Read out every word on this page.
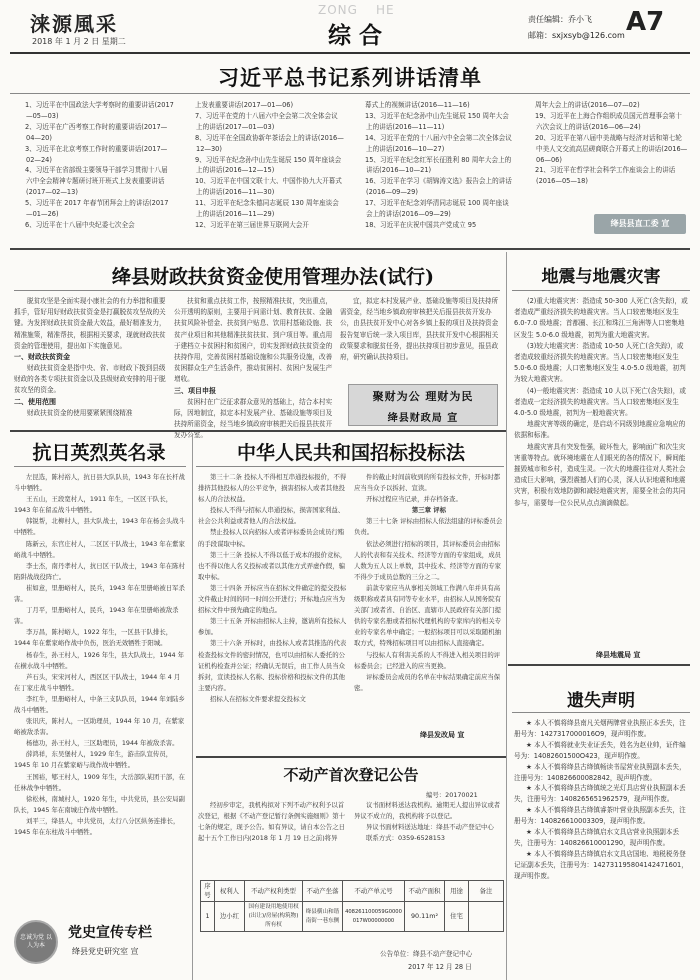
涞源風采
2018 年 1 月 2 日 星期二
ZONG HE
综 合
责任编辑：乔小飞
邮箱：sxjxsyb@126.com A7
习近平总书记系列讲话清单
1、习近平在中国政法大学考察时的重要讲话(2017—05—03)
2、习近平在广西考察工作时的重要讲话(2017—04—20)
3、习近平在北京考察工作时的重要讲话(2017—02—24)
4、习近平在省部级主要领导干部学习贯彻十八届六中全会精神专题研讨班开班式上发表重要讲话(2017—02—13)
5、习近平在 2017 年春节团拜会上的讲话(2017—01—26)
6、习近平在十八届中央纪委七次全会
上发表重要讲话(2017—01—06)
7、习近平在党的十八届六中全会第二次全体会议上的讲话(2017—01—03)
8、习近平在全国政协新年茶话会上的讲话(2016—12—30)
9、习近平在纪念孙中山先生诞辰 150 周年座谈会上的讲话(2016—12—15)
10、习近平在中国文联十大、中国作协九大开幕式上的讲话(2016—11—30)
11、习近平在纪念朱德同志诞辰 130 周年座谈会上的讲话(2016—11—29)
12、习近平在第三届世界互联网大会开
幕式上的视频讲话(2016—11—16)
13、习近平在纪念孙中山先生诞辰 150 周年大会上的讲话(2016—11—11)
14、习近平在党的十八届六中全会第二次全体会议上的讲话(2016—10—27)
15、习近平在纪念红军长征胜利 80 周年大会上的讲话(2016—10—21)
16、习近平在学习《胡锦涛文选》报告会上的讲话(2016—09—29)
17、习近平在纪念刘华清同志诞辰 100 周年座谈会上的讲话(2016—09—29)
18、习近平在庆祝中国共产党成立 95
周年大会上的讲话(2016—07—02)
19、习近平在上海合作组织成员国元首理事会第十六次会议上的讲话(2016—06—24)
20、习近平在第八届中美战略与经济对话和第七轮中美人文交流高层磋商联合开幕式上的讲话(2016—06—06)
21、习近平在哲学社会科学工作座谈会上的讲话(2016—05—18)
绛县县直工委 宣
绛县财政扶贫资金使用管理办法(试行)

脱贫攻坚是全面实现小康社会的有力举措和重要抓手，管好用好财政扶贫资金是打赢脱贫攻坚战的关键。为发挥财政扶贫资金最大效益，最好精准发力，精准施策，精准帮扶，根据相关要求，现就财政扶贫资金的管理使用，提出如下实施意见。

一、财政扶贫资金

财政扶贫资金是指中央、省、市财政下拨到县级财政的各类专项扶贫资金以及县级财政安排的用于脱贫攻坚的资金。

二、使用范围

财政扶贫资金的使用要紧紧围绕精准

扶贫和重点扶贫工作，按照精准扶贫，突出重点，公开透明的原则，主要用于问需计划、教育扶贫、金融扶贫风险补偿金、扶贫到户贴息、饮用村基础设施、扶贫产业项目和其他精准扶贫扶贫、到户项目等。重点用于建档立卡贫困村和贫困户，切实发挥财政扶贫资金的扶持作用，完善贫困村基础设施和公共服务设施，改善贫困群众生产生活条件，推动贫困村、贫困户发展生产增收。

三、项目申报

贫困村在广泛征求群众意见的基础上，结合本村实际，因地制宜，拟定本村发展产业、基础设施等项目及扶持所需资金，经当地乡镇政府审核把关后报县扶贫开发办公室。

宜，拟定本村发展产业、基础设施等项目及扶持所需资金，经当地乡镇政府审核把关后报县扶贫开发办公，由县扶贫开发中心对各乡镇上报的项目及扶持资金报告复审后统一录入项目库，县扶贫开发中心根据相关政策要求和脱贫任务，提出扶持项目初步意见，报县政府，研究确认扶持项目。

聚财为公 理财为民
绛县财政局 宣
地震与地震灾害

(2)重大地震灾害：指造成 50-300 人死亡(含失踪)，或者造成严重经济损失的地震灾害。当人口较密集地区发生 6.0-7.0 级地震；首都圈、长江和珠江三角洲等人口密集地区发生 5.0-6.0 级地震，初判为重大地震灾害。

(3)较大地震灾害：指造成 10-50 人死亡(含失踪)，或者造成较重经济损失的地震灾害。当人口较密集地区发生 5.0-6.0 级地震；人口密集地区发生 4.0-5.0 级地震，初判为较大地震灾害。

(4)一般地震灾害：指造成 10 人以下死亡(含失踪)，或者造成一定经济损失的地震灾害。当人口较密集地区发生 4.0-5.0 级地震，初判为一般地震灾害。

地震灾害等级的确定，是启动不同级别地震应急响应的依据和标准。

地震灾害具有突发性强，破坏性大，影响面广和次生灾害重等特点。就环境地震在人们眼光的各的情况下，瞬间能摧毁城市和乡村，造成生灵。一次大的地震往往对人类社会造成巨大影响，强烈震撼人们的心灵，深人认识地震和地震灾害，积极有效地防御和减轻地震灾害，需要全社会的共同参与，需要每一位公民从点点滴滴做起。

绛县地震局 宣
抗日英烈英名录
左昆选，陈村裕人，抗日县大队队员，1943 年在长杆战斗中牺牲。
王五山，王段宽村人，1911 年生，一区区干队长，1943 年在留孟战斗中牺牲。
韩锐帮，北柳村人，县大队战士，1943 年在杨会头战斗中牺牲。
陈新云，东官庄村人，二区区干队战士，1943 年在紫家峪战斗中牺牲。
李士杰，南丹孝村人，抗日区干队战士，1943 年在陈村陷阱战战役阵亡。
崔如意，里册峪村人，民兵，1943 年在里册峪被日军杀害。
丁月平，里册峪村人，民兵，1943 年在里册峪被敌杀害。
李万昌，陈村峪人，1922 年生，一区县干队排长，1944 年在紫家峪作战中负伤，医治无效牺牲于阳城。
杨春生，孙王村人，1926 年生，县大队战士，1944 年在横水战斗中牺牲。
芦石头，宋宋河村人，西区区干队战士，1944 年 4 月在丁家庄战斗中牺牲。
李红牛，里册峪村人，中条三支队队员，1944 年刘陆乡战斗中牺牲。
张讯庆，陈村人，一区助理员，1944 年 10 月，在紫家峪被敌杀害。
杨德功，孙王村人，三区助理员，1944 年被敌杀害。
薛鸿祥，东吴堡村人，1929 年生，游击队宣传员，1945 年 10 月在紫家峪与战作战中牺牲。
王国裕，郇王村人，1909 年生，大岳部队某团干部，在任林战争中牺牲。
徐松林，南城村人，1920 年生，中共党员，县公安局副队长，1945 年在南城庄作战中牺牲。
刘平三，绛县人，中共党员，太行八分区纵务连排长，1945 年在东柱战斗中牺牲。
忠诚为党 以人为本
党史宣传专栏
绛县党史研究室 宣
中华人民共和国招标投标法
第三十二条 投标人不得相互串通投标报价，不得排挤其他投标人的公平竞争，损害招标人或者其他投标人的合法权益。
投标人不得与招标人串通投标，损害国家利益、社会公共利益或者他人的合法权益。
禁止投标人以向招标人或者评标委员会成员行贿的手段谋取中标。
第三十三条 投标人不得以低于成本的报价竞标，也不得以他人名义投标或者以其他方式弄虚作假，骗取中标。
第三十四条 开标应当在招标文件确定的提交投标文件截止时间的同一时间公开进行；开标地点应当为招标文件中预先确定的地点。
第三十五条 开标由招标人主持，邀请所有投标人参加。
第三十六条 开标时，由投标人或者其推选的代表检查投标文件的密封情况，也可以由招标人委托的公证机构检查并公证；经确认无误后，由工作人员当众拆封，宣读投标人名称、投标价格和投标文件的其他主要内容。
招标人在招标文件要求提交投标文
件的截止时间前收到的所有投标文件，开标时都应当当众予以拆封、宣读。
开标过程应当记录，并存档备查。
第三章 评标
第三十七条 评标由招标人依法组建的评标委员会负责。
依法必须进行招标的项目，其评标委员会由招标人的代表和有关技术、经济等方面的专家组成，成员人数为五人以上单数，其中技术、经济等方面的专家不得少于成员总数的三分之二。
前款专家应当从事相关领域工作满八年并具有高级职称或者具有同等专业水平，由招标人从国务院有关部门或者省、自治区、直辖市人民政府有关部门提供的专家名册或者招标代理机构的专家库内的相关专业的专家名单中确定；一般招标项目可以采取随机抽取方式，特殊招标项目可以由招标人直接确定。
与投标人有利害关系的人不得进入相关项目的评标委员会；已经进入的应当更换。
评标委员会成员的名单在中标结果确定前应当保密。
绛县发改局 宣
不动产首次登记公告
编号：20170021
经初步审定，我机构拟对下列不动产权利予以首次登记，根据《不动产登记暂行条例实施细则》第十七条的规定，现予公告。如有异议，请自本公告之日起十五个工作日内(2018 年 1 月 19 日之前)将异
议书面材料送达我机构。逾期无人提出异议或者异议不成立的，我机构将予以登记。
异议书面材料送达地址：绛县不动产登记中心
联系方式：0359-6528153
序号	权利人	不动产权利类型	不动产坐落	不动产单元号	不动产面积	用途	备注
1	边小红	国有建设用地使用权(出让)/房屋(构筑物)所有权	绛县横山和谐南街一巷东侧	408261100059G0000017W00000000	90.11m²	住宅	
公告单位：绛县不动产登记中心
2017 年 12 月 28 日
遗失声明

★ 本人不慎将绛县南凡关烟两牌营业执照正本丢失，注册号为：1427317000016O9，现声明作废。

★ 本人不慎将就业失业证丢失，姓名为赵业帅，证件编号为：14082601500O423，现声明作废。

★ 本人不慎将绛县古绛镇畅读书屋营业执照副本丢失，注册号为：140826600082842，现声明作废。

★ 本人不慎将绛县古绛镇统之光灯具店营业执照副本丢失，注册号为：1408265651962579，现声明作废。

★ 本人不慎将绛县古绛镇睿茶叶营业执照副本丢失，注册号为：140826610003309，现声明作废。

★ 本人不慎将绛县古绛镇启水文具店营业执照副本丢失，注册号为：140826610001290，现声明作废。

★ 本人不慎将绛县古绛镇启水文具店国地、地税税务登记证副本丢失，注册号为：142731195804142471601，现声明作废。
